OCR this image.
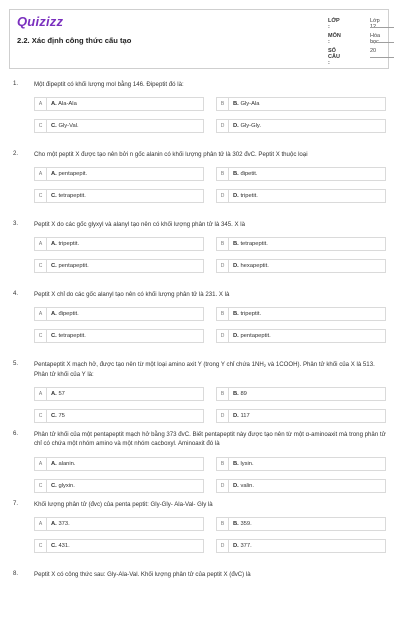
Quizizz
2.2. Xác định công thức cấu tạo
LỚP :
Lớp 12
MÔN :
Hóa học
SỐ CÂU :
20
1.	Một đipeptit có khối lượng mol bằng 146. Đipeptit đó là:
A	A. Ala-Ala	B	B. Gly-Ala
C	C. Gly-Val.	D	D. Gly-Gly.
2.	Cho một peptit X được tạo nên bởi n gốc alanin có khối lượng phân tử là 302 đvC. Peptit X thuộc loại
A	A. pentapepit.	B	B. đipetit.
C	C. tetrapeptit.	D	D. tripetit.
3.	Peptit X do các gốc glyxyl và alanyl tạo nên có khối lượng phân tử là 345. X là
A	A. tripeptit.	B	B. tetrapeptit.
C	C. pentapeptit.	D	D. hexapeptit.
4.	Peptit X chỉ do các gốc alanyl tạo nên có khối lượng phân tử là 231. X là
A	A. đipeptit.	B	B. tripeptit.
C	C. tetrapeptit.	D	D. pentapeptit.
5.	Pentapeptit X mạch hở, được tạo nên từ một loại amino axit Y (trong Y chỉ chứa $1NH_2$ và 1COOH). Phân tử khối của X là 513. Phân tử khối của Y là:
A	A. 57	B	B. 89
C	C. 75	D	D. 117
6.	Phân tử khối của một pentapeptit mạch hở bằng 373 đvC. Biết pentapeptit này được tạo nên từ một α-aminoaxit mà trong phân tử chỉ có chứa một nhóm amino và một nhóm cacboxyl. Aminoaxit đó là
A	A. alanin.	B	B. lysin.
C	C. glyxin.	D	D. valin.
7.	Khối lượng phân tử (đvc) của penta peptit: Gly-Gly- Ala-Val- Gly là
A	A. 373.	B	B. 359.
C	C. 431.	D	D. 377.
8.	Peptit X có công thức sau: Gly-Ala-Val. Khối lượng phân tử của peptit X (đvC) là
